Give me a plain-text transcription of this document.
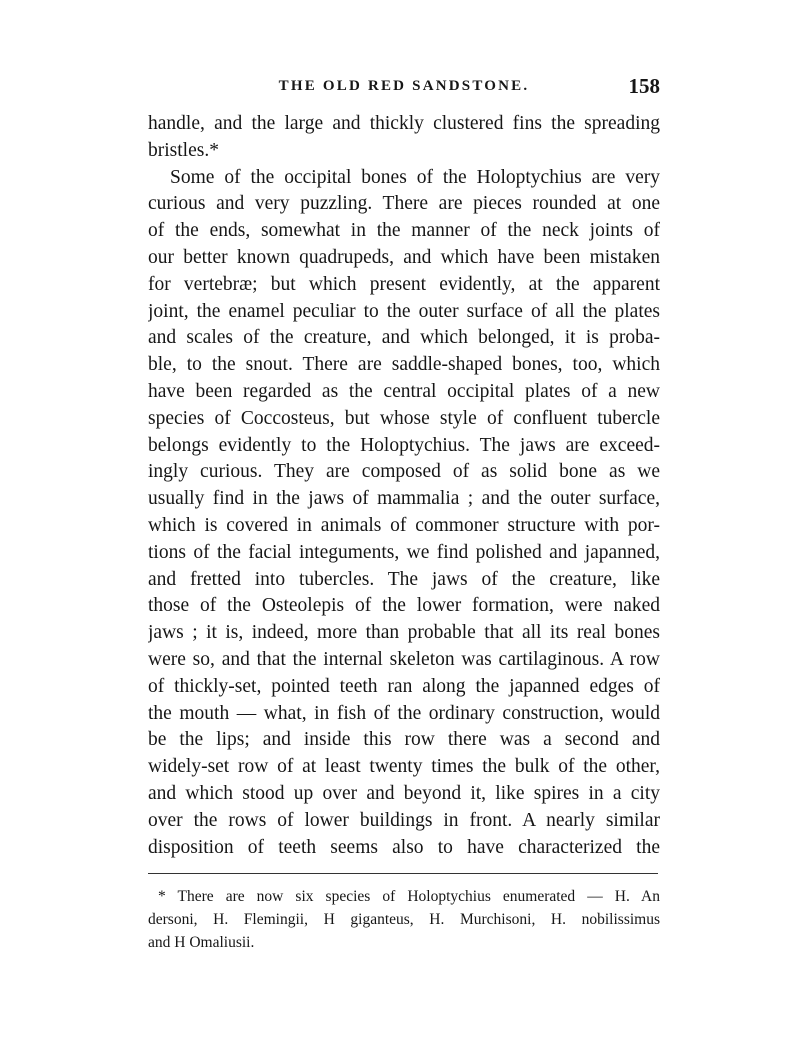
THE OLD RED SANDSTONE.	158
handle, and the large and thickly clustered fins the spreading
bristles.*
Some of the occipital bones of the Holoptychius are very
curious and very puzzling. There are pieces rounded at one
of the ends, somewhat in the manner of the neck joints of
our better known quadrupeds, and which have been mistaken
for vertebræ; but which present evidently, at the apparent
joint, the enamel peculiar to the outer surface of all the plates
and scales of the creature, and which belonged, it is proba-
ble, to the snout. There are saddle-shaped bones, too, which
have been regarded as the central occipital plates of a new
species of Coccosteus, but whose style of confluent tubercle
belongs evidently to the Holoptychius. The jaws are exceed-
ingly curious. They are composed of as solid bone as we
usually find in the jaws of mammalia ; and the outer surface,
which is covered in animals of commoner structure with por-
tions of the facial integuments, we find polished and japanned,
and fretted into tubercles. The jaws of the creature, like
those of the Osteolepis of the lower formation, were naked
jaws ; it is, indeed, more than probable that all its real bones
were so, and that the internal skeleton was cartilaginous. A row
of thickly-set, pointed teeth ran along the japanned edges of
the mouth — what, in fish of the ordinary construction, would
be the lips; and inside this row there was a second and
widely-set row of at least twenty times the bulk of the other,
and which stood up over and beyond it, like spires in a city
over the rows of lower buildings in front. A nearly similar
disposition of teeth seems also to have characterized the
* There are now six species of Holoptychius enumerated — H. An
dersoni, H. Flemingii, H giganteus, H. Murchisoni, H. nobilissimus
and H Omaliusii.
